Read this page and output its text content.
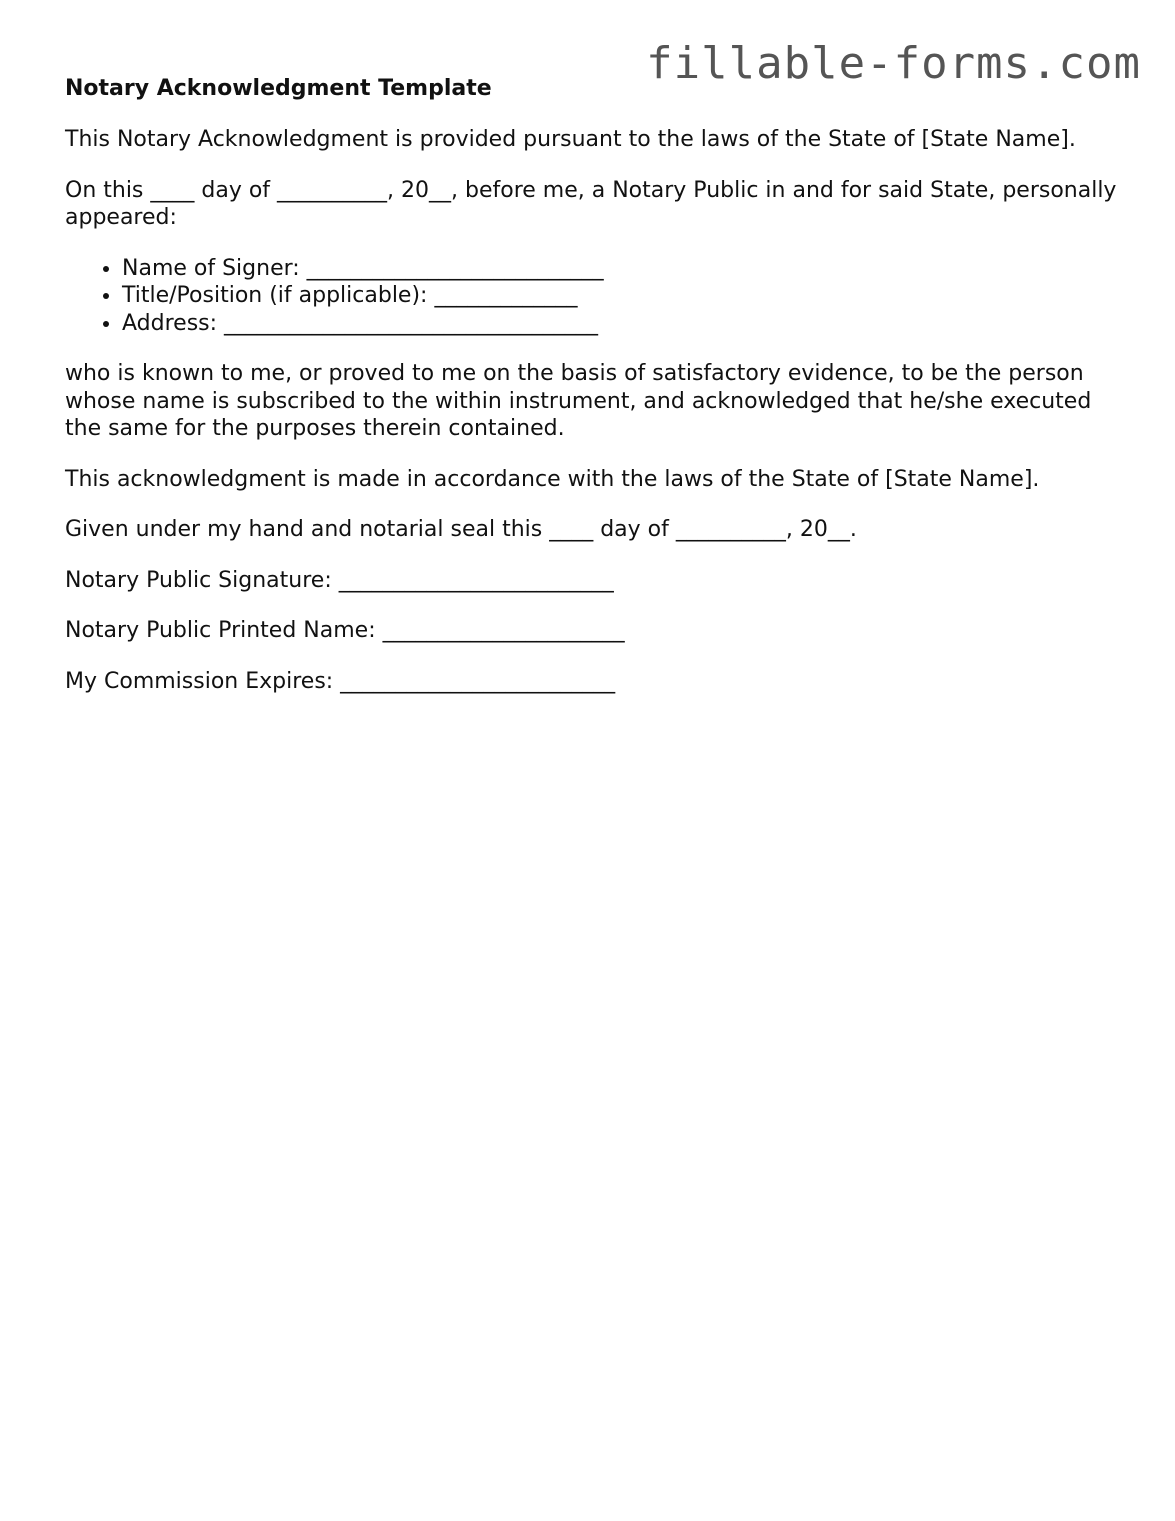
fillable-forms.com
Notary Acknowledgment Template

This Notary Acknowledgment is provided pursuant to the laws of the State of [State Name].

On this ____ day of __________, 20__, before me, a Notary Public in and for said State, personally appeared:

• Name of Signer: ___________________________
• Title/Position (if applicable): _____________
• Address: __________________________________

who is known to me, or proved to me on the basis of satisfactory evidence, to be the person whose name is subscribed to the within instrument, and acknowledged that he/she executed the same for the purposes therein contained.

This acknowledgment is made in accordance with the laws of the State of [State Name].

Given under my hand and notarial seal this ____ day of __________, 20__.

Notary Public Signature: _________________________

Notary Public Printed Name: ______________________

My Commission Expires: _________________________
